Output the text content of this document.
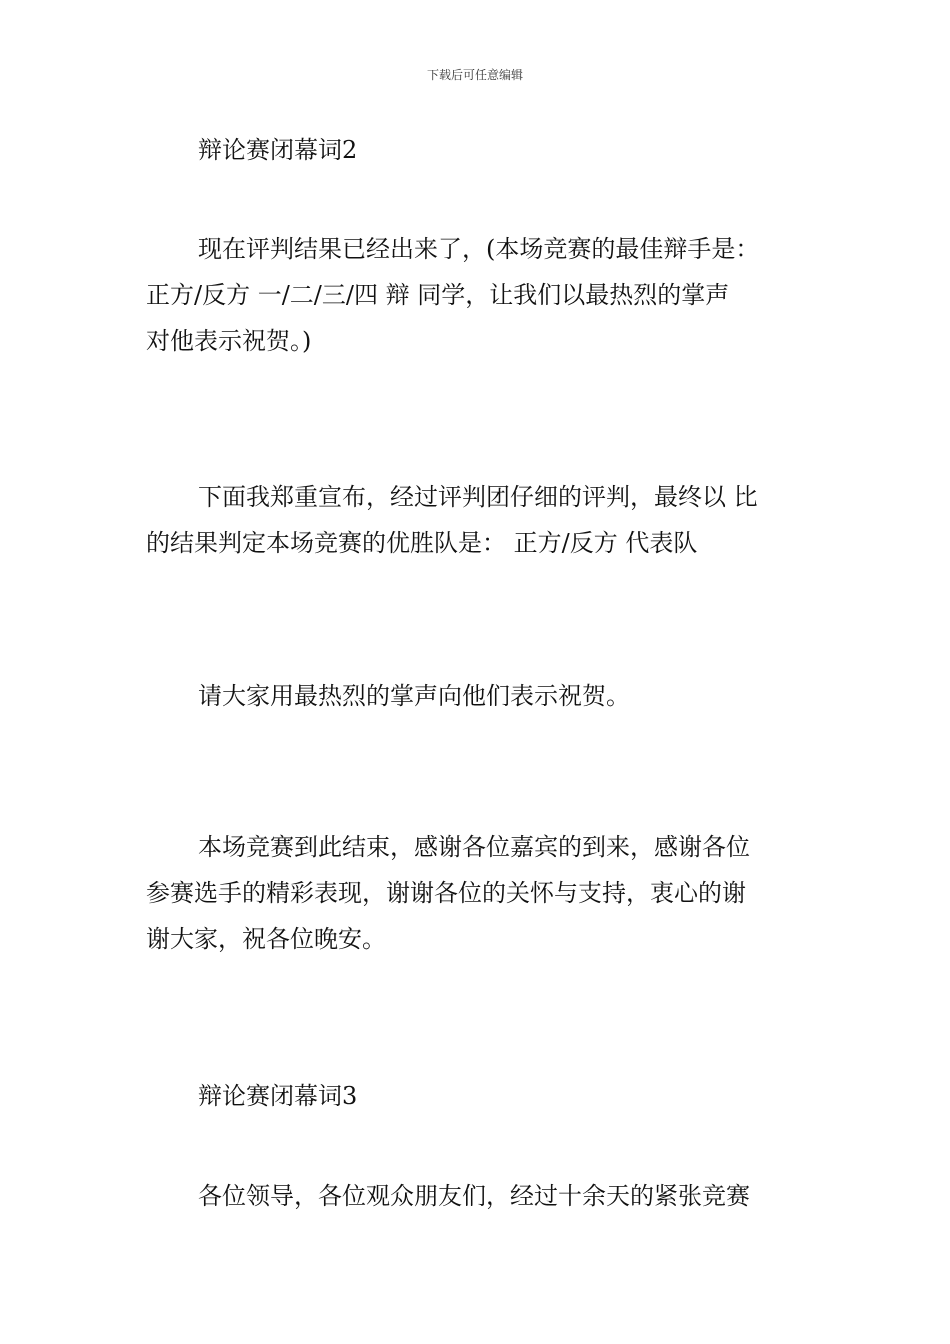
下载后可任意编辑
辩论赛闭幕词2
现在评判结果已经出来了，(本场竞赛的最佳辩手是：
正方/反方 一/二/三/四 辩 同学，让我们以最热烈的掌声
对他表示祝贺。)
下面我郑重宣布，经过评判团仔细的评判，最终以 比
的结果判定本场竞赛的优胜队是： 正方/反方 代表队
请大家用最热烈的掌声向他们表示祝贺。
本场竞赛到此结束，感谢各位嘉宾的到来，感谢各位
参赛选手的精彩表现，谢谢各位的关怀与支持，衷心的谢
谢大家，祝各位晚安。
辩论赛闭幕词3
各位领导，各位观众朋友们，经过十余天的紧张竞赛
